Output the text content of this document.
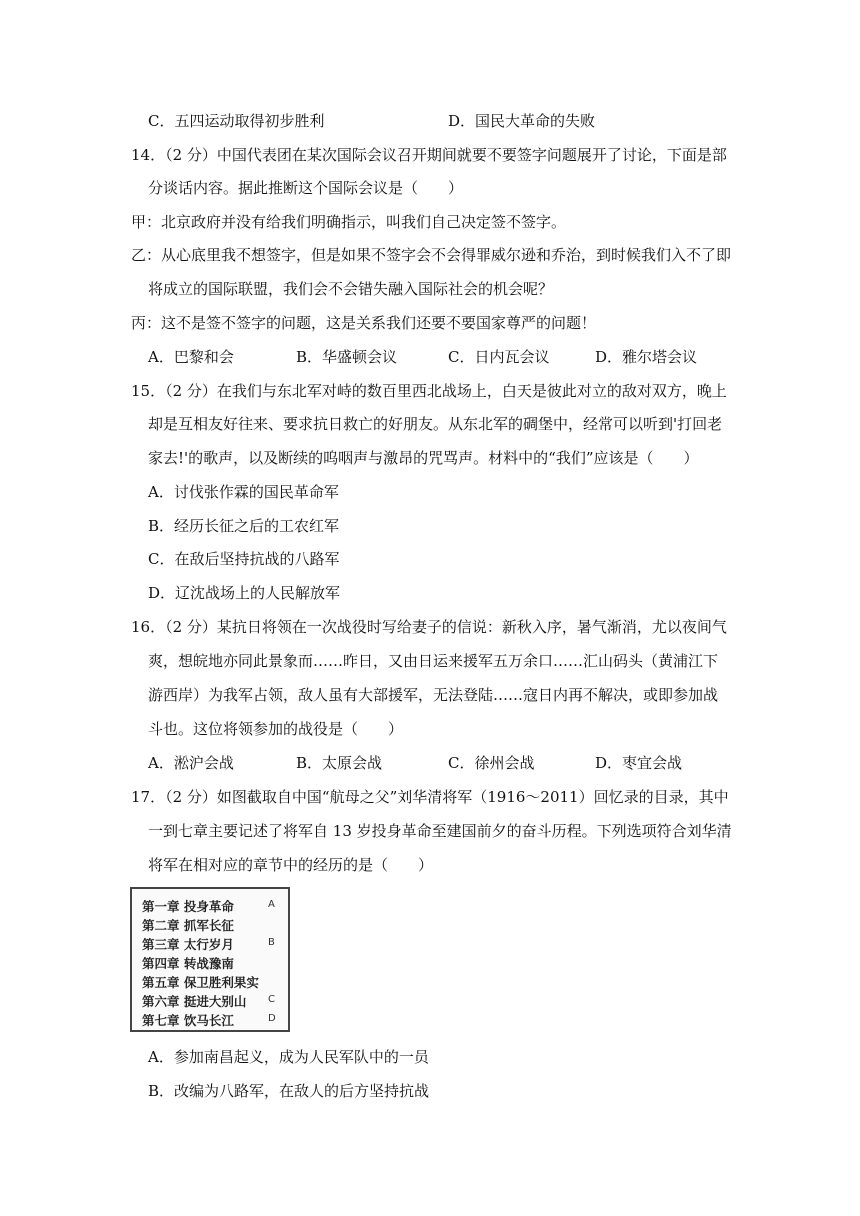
C．五四运动取得初步胜利	D．国民大革命的失败
14．（2 分）中国代表团在某次国际会议召开期间就要不要签字问题展开了讨论，下面是部
分谈话内容。据此推断这个国际会议是（　　）
甲：北京政府并没有给我们明确指示，叫我们自己决定签不签字。
乙：从心底里我不想签字，但是如果不签字会不会得罪威尔逊和乔治，到时候我们入不了即
将成立的国际联盟，我们会不会错失融入国际社会的机会呢？
丙：这不是签不签字的问题，这是关系我们还要不要国家尊严的问题！
A．巴黎和会	B．华盛顿会议	C．日内瓦会议	D．雅尔塔会议
15．（2 分）在我们与东北军对峙的数百里西北战场上，白天是彼此对立的敌对双方，晚上
却是互相友好往来、要求抗日救亡的好朋友。从东北军的碉堡中，经常可以听到'打回老
家去!'的歌声，以及断续的呜咽声与激昂的咒骂声。材料中的“我们”应该是（　　）
A．讨伐张作霖的国民革命军
B．经历长征之后的工农红军
C．在敌后坚持抗战的八路军
D．辽沈战场上的人民解放军
16．（2 分）某抗日将领在一次战役时写给妻子的信说：新秋入序，暑气渐消，尤以夜间气
爽，想皖地亦同此景象而……昨日，又由日运来援军五万余口……汇山码头（黄浦江下
游西岸）为我军占领，敌人虽有大部援军，无法登陆……寇日内再不解决，或即参加战
斗也。这位将领参加的战役是（　　）
A．淞沪会战	B．太原会战	C．徐州会战	D．枣宜会战
17．（2 分）如图截取自中国“航母之父”刘华清将军（1916～2011）回忆录的目录，其中
一到七章主要记述了将军自 13 岁投身革命至建国前夕的奋斗历程。下列选项符合刘华清
将军在相对应的章节中的经历的是（　　）
第一章 投身革命	A
第二章 抓军长征
第三章 太行岁月	B
第四章 转战豫南
第五章 保卫胜利果实
第六章 挺进大别山 C
第七章 饮马长江	D
A．参加南昌起义，成为人民军队中的一员
B．改编为八路军，在敌人的后方坚持抗战
